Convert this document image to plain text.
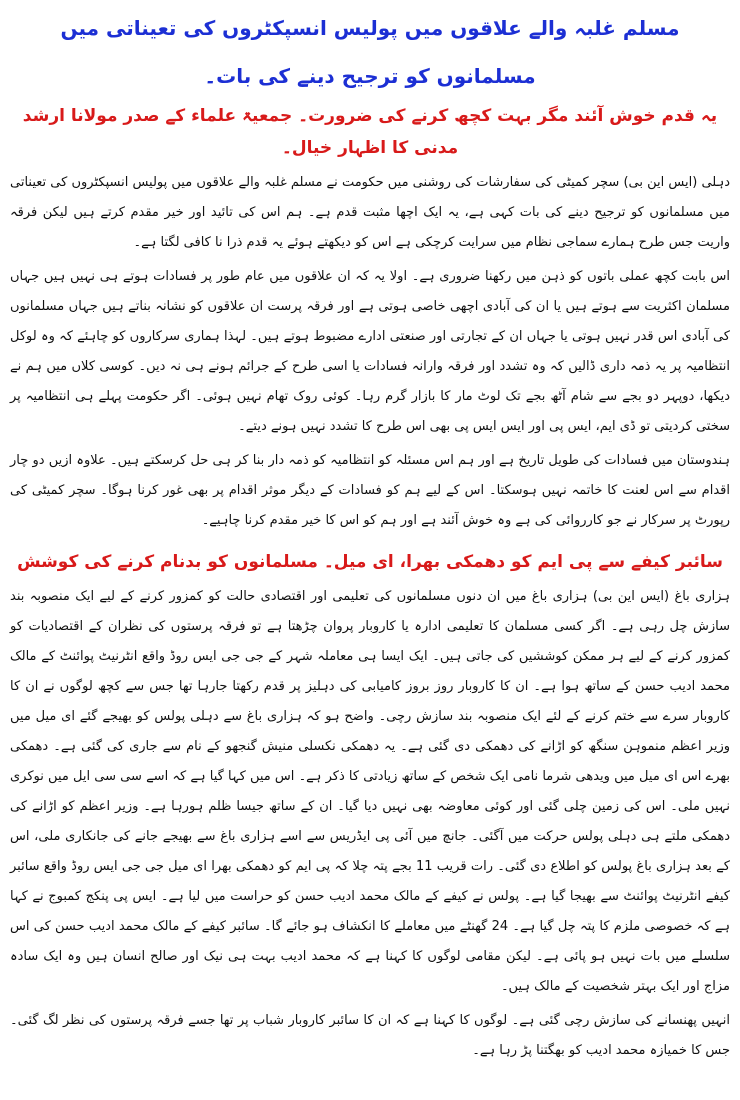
مسلم غلبہ والے علاقوں میں پولیس انسپکٹروں کی تعیناتی میں مسلمانوں کو ترجیح دینے کی بات۔
یہ قدم خوش آئند مگر بہت کچھ کرنے کی ضرورت۔ جمعیۃ علماء کے صدر مولانا ارشد مدنی کا اظہار خیال۔

دہلی (ایس این بی) سچر کمیٹی کی سفارشات کی روشنی میں حکومت نے مسلم غلبہ والے علاقوں میں پولیس انسپکٹروں کی تعیناتی میں مسلمانوں کو ترجیح دینے کی بات کہی ہے، یہ ایک اچھا مثبت قدم ہے۔ ہم اس کی تائید اور خیر مقدم کرتے ہیں لیکن فرقہ واریت جس طرح ہمارے سماجی نظام میں سرایت کرچکی ہے اس کو دیکھتے ہوئے یہ قدم ذرا نا کافی لگتا ہے۔

اس بابت کچھ عملی باتوں کو ذہن میں رکھنا ضروری ہے۔ اولا یہ کہ ان علاقوں میں عام طور پر فسادات ہوتے ہی نہیں ہیں جہاں مسلمان اکثریت سے ہوتے ہیں یا ان کی آبادی اچھی خاصی ہوتی ہے اور فرقہ پرست ان علاقوں کو نشانہ بناتے ہیں جہاں مسلمانوں کی آبادی اس قدر نہیں ہوتی یا جہاں ان کے تجارتی اور صنعتی ادارے مضبوط ہوتے ہیں۔ لہذا ہماری سرکاروں کو چاہئے کہ وہ لوکل انتظامیہ پر یہ ذمہ داری ڈالیں کہ وہ تشدد اور فرقہ وارانہ فسادات یا اسی طرح کے جرائم ہونے ہی نہ دیں۔ کوسی کلاں میں ہم نے دیکھا، دوپہر دو بجے سے شام آٹھ بجے تک لوٹ مار کا بازار گرم رہا۔ کوئی روک تھام نہیں ہوئی۔ اگر حکومت پہلے ہی انتظامیہ پر سختی کردیتی تو ڈی ایم، ایس پی اور ایس ایس پی بھی اس طرح کا تشدد نہیں ہونے دیتے۔

ہندوستان میں فسادات کی طویل تاریخ ہے اور ہم اس مسئلہ کو انتظامیہ کو ذمہ دار بنا کر ہی حل کرسکتے ہیں۔ علاوہ ازیں دو چار اقدام سے اس لعنت کا خاتمہ نہیں ہوسکتا۔ اس کے لیے ہم کو فسادات کے دیگر موثر اقدام پر بھی غور کرنا ہوگا۔ سچر کمیٹی کی رپورٹ پر سرکار نے جو کارروائی کی ہے وہ خوش آئند ہے اور ہم کو اس کا خیر مقدم کرنا چاہیے۔

سائبر کیفے سے پی ایم کو دھمکی بھرا، ای میل۔ مسلمانوں کو بدنام کرنے کی کوشش

ہزاری باغ (ایس این بی) ہزاری باغ میں ان دنوں مسلمانوں کی تعلیمی اور اقتصادی حالت کو کمزور کرنے کے لیے ایک منصوبہ بند سازش چل رہی ہے۔ اگر کسی مسلمان کا تعلیمی ادارہ یا کاروبار پروان چڑھتا ہے تو فرقہ پرستوں کی نظران کے اقتصادیات کو کمزور کرنے کے لیے ہر ممکن کوششیں کی جاتی ہیں۔ ایک ایسا ہی معاملہ شہر کے جی جی ایس روڈ واقع انٹرنیٹ پوائنٹ کے مالک محمد ادیب حسن کے ساتھ ہوا ہے۔ ان کا کاروبار روز بروز کامیابی کی دہلیز پر قدم رکھتا جارہا تھا جس سے کچھ لوگوں نے ان کا کاروبار سرے سے ختم کرنے کے لئے ایک منصوبہ بند سازش رچی۔ واضح ہو کہ ہزاری باغ سے دہلی پولس کو بھیجے گئے ای میل میں وزیر اعظم منموہن سنگھ کو اڑانے کی دھمکی دی گئی ہے۔ یہ دھمکی نکسلی منیش گنجھو کے نام سے جاری کی گئی ہے۔ دھمکی بھرے اس ای میل میں ویدھی شرما نامی ایک شخص کے ساتھ زیادتی کا ذکر ہے۔ اس میں کہا گیا ہے کہ اسے سی سی ایل میں نوکری نہیں ملی۔ اس کی زمین چلی گئی اور کوئی معاوضہ بھی نہیں دیا گیا۔ ان کے ساتھ جیسا ظلم ہورہا ہے۔ وزیر اعظم کو اڑانے کی دھمکی ملتے ہی دہلی پولس حرکت میں آگئی۔ جانچ میں آئی پی ایڈریس سے اسے ہزاری باغ سے بھیجے جانے کی جانکاری ملی، اس کے بعد ہزاری باغ پولس کو اطلاع دی گئی۔ رات قریب 11 بجے پتہ چلا کہ پی ایم کو دھمکی بھرا ای میل جی جی ایس روڈ واقع سائبر کیفے انٹرنیٹ پوائنٹ سے بھیجا گیا ہے۔ پولس نے کیفے کے مالک محمد ادیب حسن کو حراست میں لیا ہے۔ ایس پی پنکج کمبوج نے کہا ہے کہ خصوصی ملزم کا پتہ چل گیا ہے۔ 24 گھنٹے میں معاملے کا انکشاف ہو جائے گا۔ سائبر کیفے کے مالک محمد ادیب حسن کی اس سلسلے میں بات نہیں ہو پائی ہے۔ لیکن مقامی لوگوں کا کہنا ہے کہ محمد ادیب بہت ہی نیک اور صالح انسان ہیں وہ ایک سادہ مزاج اور ایک بہتر شخصیت کے مالک ہیں۔

انہیں پھنسانے کی سازش رچی گئی ہے۔ لوگوں کا کہنا ہے کہ ان کا سائبر کاروبار شباب پر تھا جسے فرقہ پرستوں کی نظر لگ گئی۔ جس کا خمیازہ محمد ادیب کو بھگتنا پڑ رہا ہے۔
